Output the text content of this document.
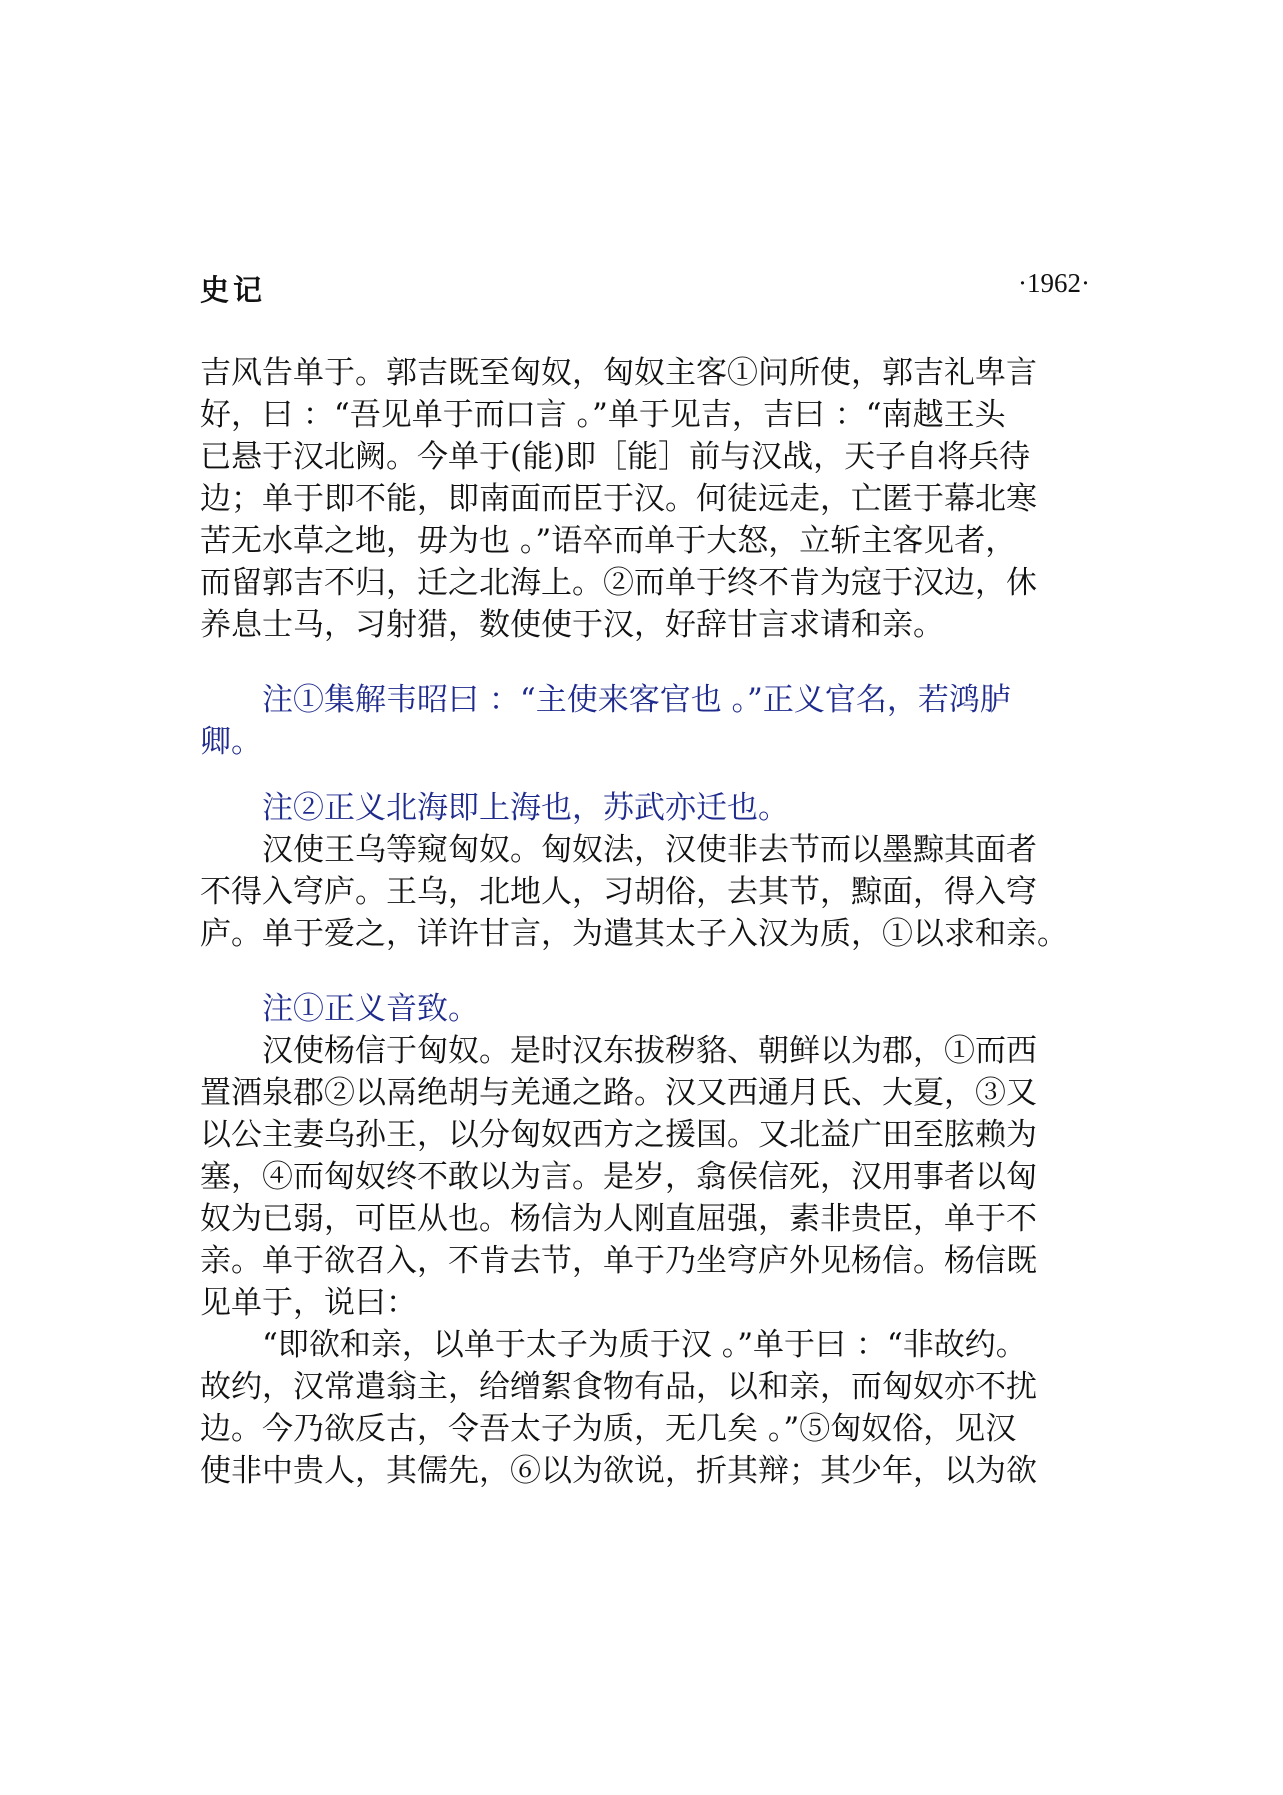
史记	·1962·
吉风告单于。郭吉既至匈奴，匈奴主客①问所使，郭吉礼卑言
好，曰 ：“吾见单于而口言 。”单于见吉，吉曰 ：“南越王头
已悬于汉北阙。今单于(能)即［能］前与汉战，天子自将兵待
边；单于即不能，即南面而臣于汉。何徒远走，亡匿于幕北寒
苦无水草之地，毋为也 。”语卒而单于大怒，立斩主客见者，
而留郭吉不归，迁之北海上。②而单于终不肯为寇于汉边，休
养息士马，习射猎，数使使于汉，好辞甘言求请和亲。
　　注①集解韦昭曰 ：“主使来客官也 。”正义官名，若鸿胪
卿。
　　注②正义北海即上海也，苏武亦迁也。
　　汉使王乌等窥匈奴。匈奴法，汉使非去节而以墨黥其面者
不得入穹庐。王乌，北地人，习胡俗，去其节，黥面，得入穹
庐。单于爱之，详许甘言，为遣其太子入汉为质，①以求和亲。
　　注①正义音致。
　　汉使杨信于匈奴。是时汉东拔秽貉、朝鲜以为郡，①而西
置酒泉郡②以鬲绝胡与羌通之路。汉又西通月氏、大夏，③又
以公主妻乌孙王，以分匈奴西方之援国。又北益广田至胘赖为
塞，④而匈奴终不敢以为言。是岁，翕侯信死，汉用事者以匈
奴为已弱，可臣从也。杨信为人刚直屈强，素非贵臣，单于不
亲。单于欲召入，不肯去节，单于乃坐穹庐外见杨信。杨信既
见单于，说曰：
　　“即欲和亲，以单于太子为质于汉 。”单于曰 ：“非故约。
故约，汉常遣翁主，给缯絮食物有品，以和亲，而匈奴亦不扰
边。今乃欲反古，令吾太子为质，无几矣 。”⑤匈奴俗，见汉
使非中贵人，其儒先，⑥以为欲说，折其辩；其少年，以为欲
